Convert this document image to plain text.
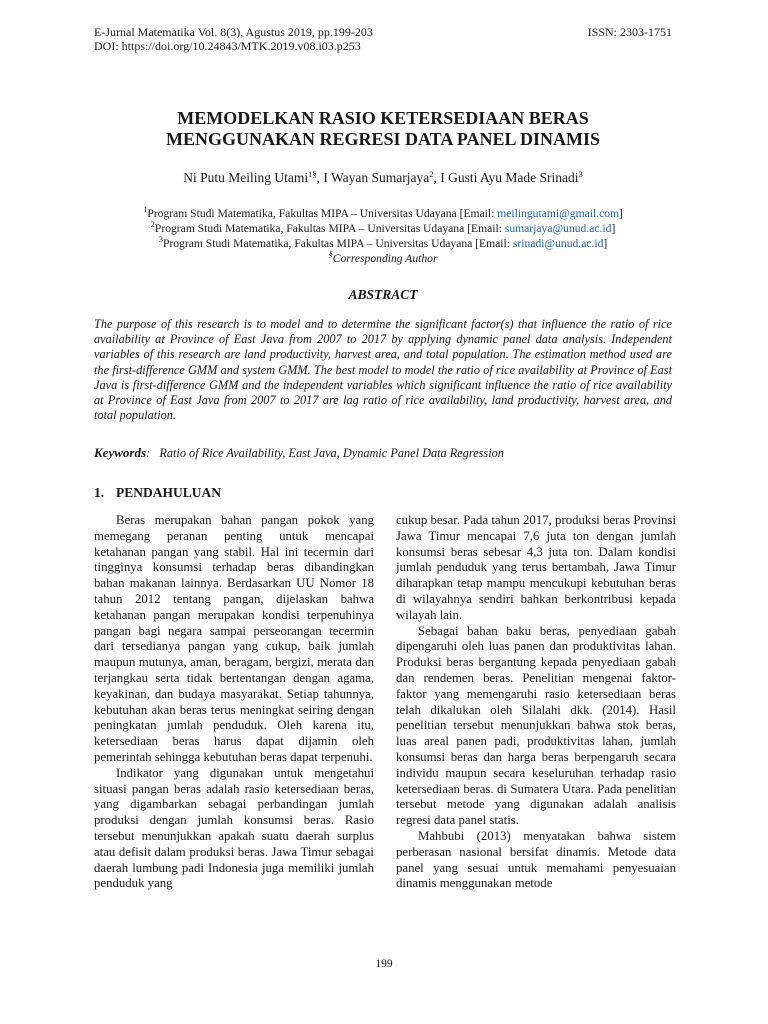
E-Jurnal Matematika Vol. 8(3), Agustus 2019, pp.199-203
DOI: https://doi.org/10.24843/MTK.2019.v08.i03.p253
ISSN: 2303-1751
MEMODELKAN RASIO KETERSEDIAAN BERAS
MENGGUNAKAN REGRESI DATA PANEL DINAMIS
Ni Putu Meiling Utami$^{1\S}$, I Wayan Sumarjaya$^2$, I Gusti Ayu Made Srinadi$^3$
$^1$Program Studi Matematika, Fakultas MIPA – Universitas Udayana [Email: meilingutami@gmail.com]
$^2$Program Studi Matematika, Fakultas MIPA – Universitas Udayana [Email: sumarjaya@unud.ac.id]
$^3$Program Studi Matematika, Fakultas MIPA – Universitas Udayana [Email: srinadi@unud.ac.id]
§Corresponding Author
ABSTRACT
The purpose of this research is to model and to determine the significant factor(s) that influence the ratio of rice availability at Province of East Java from 2007 to 2017 by applying dynamic panel data analysis. Independent variables of this research are land productivity, harvest area, and total population. The estimation method used are the first-difference GMM and system GMM. The best model to model the ratio of rice availability at Province of East Java is first-difference GMM and the independent variables which significant influence the ratio of rice availability at Province of East Java from 2007 to 2017 are lag ratio of rice availability, land productivity, harvest area, and total population.
Keywords: Ratio of Rice Availability, East Java, Dynamic Panel Data Regression
1. PENDAHULUAN

Beras merupakan bahan pangan pokok yang memegang peranan penting untuk mencapai ketahanan pangan yang stabil. Hal ini tecermin dari tingginya konsumsi terhadap beras dibandingkan bahan makanan lainnya. Berdasarkan UU Nomor 18 tahun 2012 tentang pangan, dijelaskan bahwa ketahanan pangan merupakan kondisi terpenuhinya pangan bagi negara sampai perseorangan tecermin dari tersedianya pangan yang cukup, baik jumlah maupun mutunya, aman, beragam, bergizi, merata dan terjangkau serta tidak bertentangan dengan agama, keyakinan, dan budaya masyarakat. Setiap tahunnya, kebutuhan akan beras terus meningkat seiring dengan peningkatan jumlah penduduk. Oleh karena itu, ketersediaan beras harus dapat dijamin oleh pemerintah sehingga kebutuhan beras dapat terpenuhi.

Indikator yang digunakan untuk mengetahui situasi pangan beras adalah rasio ketersediaan beras, yang digambarkan sebagai perbandingan jumlah produksi dengan jumlah konsumsi beras. Rasio tersebut menunjukkan apakah suatu daerah surplus atau defisit dalam produksi beras. Jawa Timur sebagai daerah lumbung padi Indonesia juga memiliki jumlah penduduk yang

cukup besar. Pada tahun 2017, produksi beras Provinsi Jawa Timur mencapai 7,6 juta ton dengan jumlah konsumsi beras sebesar 4,3 juta ton. Dalam kondisi jumlah penduduk yang terus bertambah, Jawa Timur diharapkan tetap mampu mencukupi kebutuhan beras di wilayahnya sendiri bahkan berkontribusi kepada wilayah lain.

Sebagai bahan baku beras, penyediaan gabah dipengaruhi oleh luas panen dan produktivitas lahan. Produksi beras bergantung kepada penyediaan gabah dan rendemen beras. Penelitian mengenai faktor-faktor yang memengaruhi rasio ketersediaan beras telah dikalukan oleh Silalahi dkk. (2014). Hasil penelitian tersebut menunjukkan bahwa stok beras, luas areal panen padi, produktivitas lahan, jumlah konsumsi beras dan harga beras berpengaruh secara individu maupun secara keseluruhan terhadap rasio ketersediaan beras. di Sumatera Utara. Pada penelitian tersebut metode yang digunakan adalah analisis regresi data panel statis.

Mahbubi (2013) menyatakan bahwa sistem perberasan nasional bersifat dinamis. Metode data panel yang sesuai untuk memahami penyesuaian dinamis menggunakan metode

199
